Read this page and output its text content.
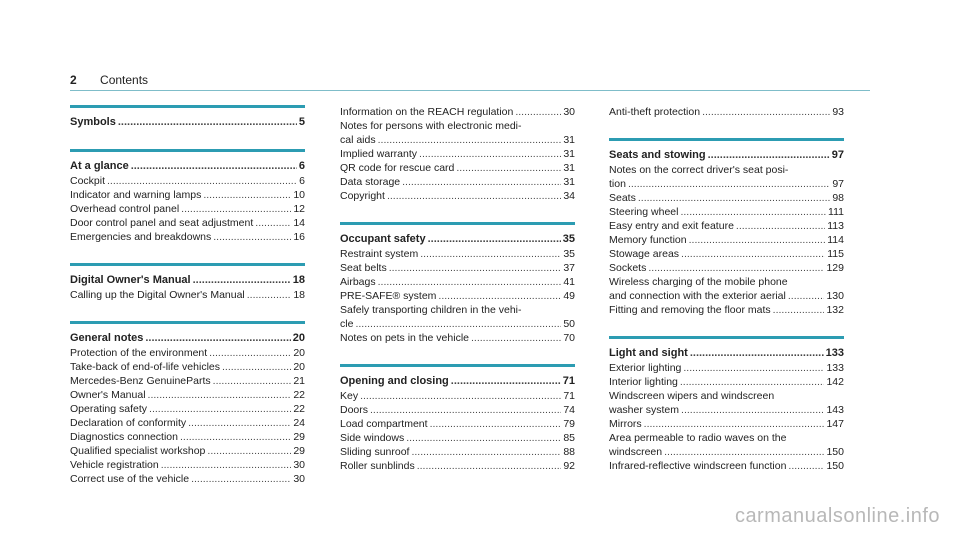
2 Contents
Symbols .....	5
At a glance .....	6
Cockpit .....	6
Indicator and warning lamps .....	10
Overhead control panel .....	12
Door control panel and seat adjustment .....	14
Emergencies and breakdowns .....	16
Digital Owner's Manual .....	18
Calling up the Digital Owner's Manual .....	18
General notes .....	20
Protection of the environment .....	20
Take-back of end-of-life vehicles .....	20
Mercedes-Benz GenuineParts .....	21
Owner's Manual .....	22
Operating safety .....	22
Declaration of conformity .....	24
Diagnostics connection .....	29
Qualified specialist workshop .....	29
Vehicle registration .....	30
Correct use of the vehicle .....	30
Information on the REACH regulation .....	30
Notes for persons with electronic medi-
cal aids .....	31
Implied warranty .....	31
QR code for rescue card .....	31
Data storage .....	31
Copyright .....	34
Occupant safety .....	35
Restraint system .....	35
Seat belts .....	37
Airbags .....	41
PRE-SAFE® system .....	49
Safely transporting children in the vehi-
cle .....	50
Notes on pets in the vehicle .....	70
Opening and closing .....	71
Key .....	71
Doors .....	74
Load compartment .....	79
Side windows .....	85
Sliding sunroof .....	88
Roller sunblinds .....	92
Anti-theft protection .....	93
Seats and stowing .....	97
Notes on the correct driver's seat posi-
tion .....	97
Seats .....	98
Steering wheel .....	111
Easy entry and exit feature .....	113
Memory function .....	114
Stowage areas .....	115
Sockets .....	129
Wireless charging of the mobile phone
and connection with the exterior aerial .....	130
Fitting and removing the floor mats .....	132
Light and sight .....	133
Exterior lighting .....	133
Interior lighting .....	142
Windscreen wipers and windscreen
washer system .....	143
Mirrors .....	147
Area permeable to radio waves on the
windscreen .....	150
Infrared-reflective windscreen function .....	150
carmanualsonline.info
